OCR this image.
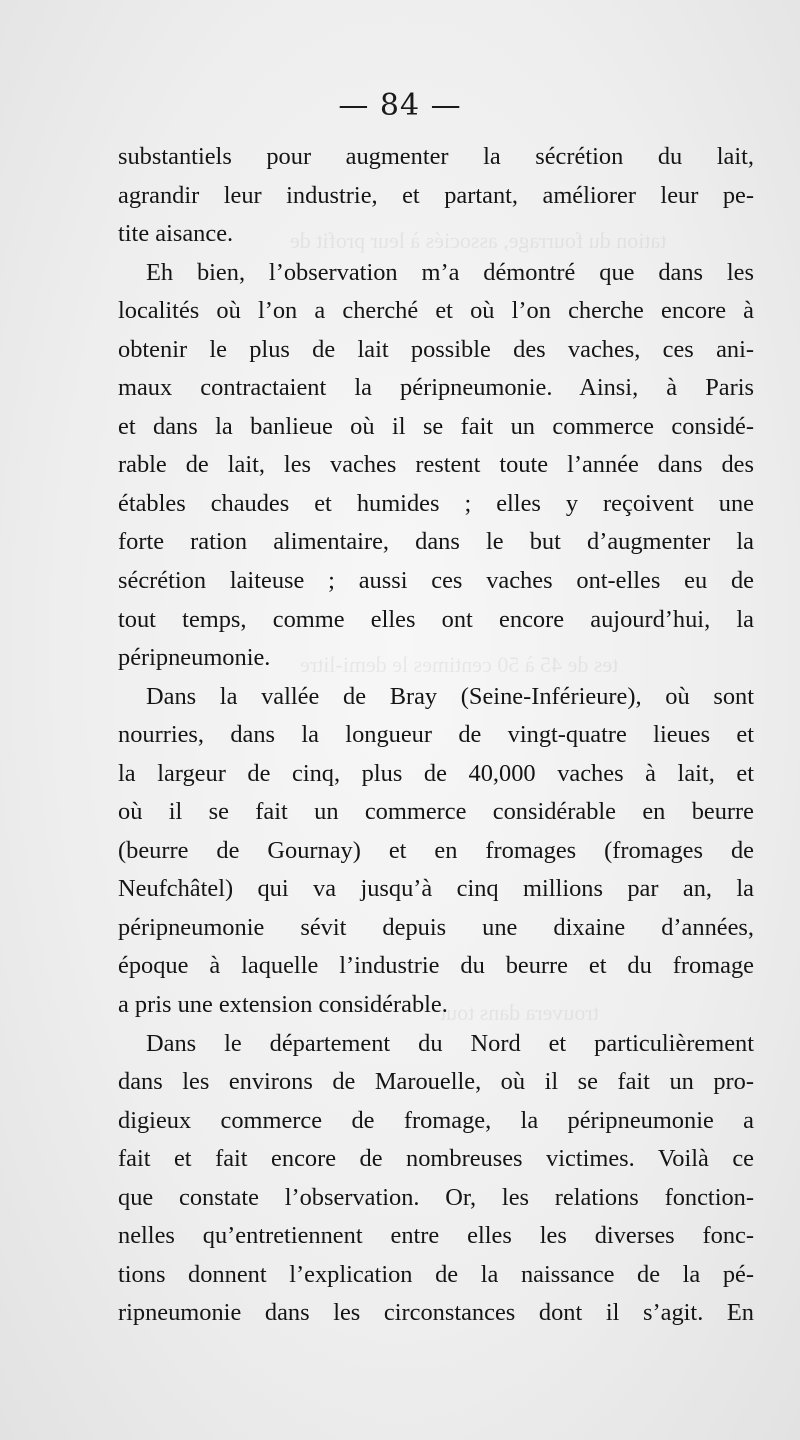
tation du fourrage, associés à leur profit de
tes de 45 à 50 centimes le demi-litre
trouvera dans tout
— 84 —
substantiels pour augmenter la sécrétion du lait,
agrandir leur industrie, et partant, améliorer leur pe-
tite aisance.
Eh bien, l’observation m’a démontré que dans les
localités où l’on a cherché et où l’on cherche encore à
obtenir le plus de lait possible des vaches, ces ani-
maux contractaient la péripneumonie. Ainsi, à Paris
et dans la banlieue où il se fait un commerce considé-
rable de lait, les vaches restent toute l’année dans des
étables chaudes et humides ; elles y reçoivent une
forte ration alimentaire, dans le but d’augmenter la
sécrétion laiteuse ; aussi ces vaches ont-elles eu de
tout temps, comme elles ont encore aujourd’hui, la
péripneumonie.
Dans la vallée de Bray (Seine-Inférieure), où sont
nourries, dans la longueur de vingt-quatre lieues et
la largeur de cinq, plus de 40,000 vaches à lait, et
où il se fait un commerce considérable en beurre
(beurre de Gournay) et en fromages (fromages de
Neufchâtel) qui va jusqu’à cinq millions par an, la
péripneumonie sévit depuis une dixaine d’années,
époque à laquelle l’industrie du beurre et du fromage
a pris une extension considérable.
Dans le département du Nord et particulièrement
dans les environs de Marouelle, où il se fait un pro-
digieux commerce de fromage, la péripneumonie a
fait et fait encore de nombreuses victimes. Voilà ce
que constate l’observation. Or, les relations fonction-
nelles qu’entretiennent entre elles les diverses fonc-
tions donnent l’explication de la naissance de la pé-
ripneumonie dans les circonstances dont il s’agit. En
